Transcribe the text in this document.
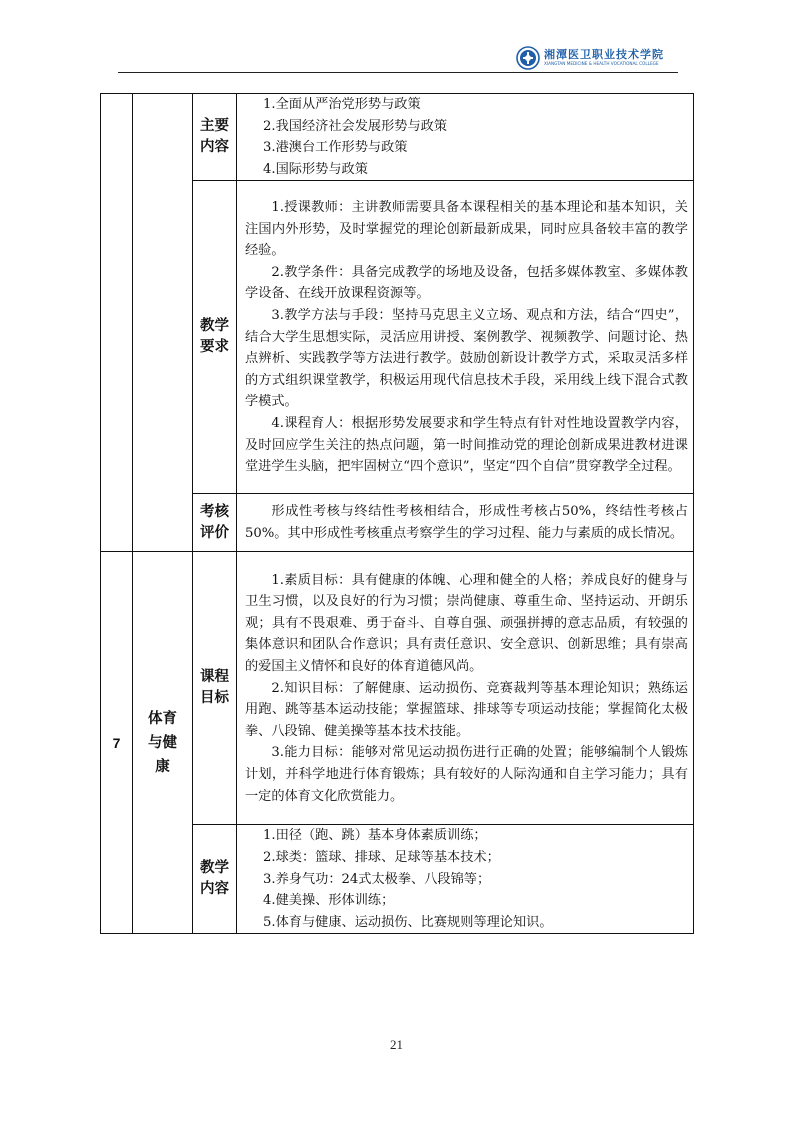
湘潭医卫职业技术学院
XIANGTAN MEDICINE & HEALTH VOCATIONAL COLLEGE
		主要内容	1.全面从严治党形势与政策

2.我国经济社会发展形势与政策

3.港澳台工作形势与政策

4.国际形势与政策

		教学要求	1.授课教师：主讲教师需要具备本课程相关的基本理论和基本知识，关注国内外形势，及时掌握党的理论创新最新成果，同时应具备较丰富的教学经验。

2.教学条件：具备完成教学的场地及设备，包括多媒体教室、多媒体教学设备、在线开放课程资源等。

3.教学方法与手段：坚持马克思主义立场、观点和方法，结合“四史”，结合大学生思想实际，灵活应用讲授、案例教学、视频教学、问题讨论、热点辨析、实践教学等方法进行教学。鼓励创新设计教学方式，采取灵活多样的方式组织课堂教学，积极运用现代信息技术手段，采用线上线下混合式教学模式。

4.课程育人：根据形势发展要求和学生特点有针对性地设置教学内容，及时回应学生关注的热点问题，第一时间推动党的理论创新成果进教材进课堂进学生头脑，把牢固树立“四个意识”，坚定“四个自信”贯穿教学全过程。

		考核评价	形成性考核与终结性考核相结合，形成性考核占50%，终结性考核占50%。其中形成性考核重点考察学生的学习过程、能力与素质的成长情况。

7	体育与健康	课程目标	1.素质目标：具有健康的体魄、心理和健全的人格；养成良好的健身与卫生习惯，以及良好的行为习惯；崇尚健康、尊重生命、坚持运动、开朗乐观；具有不畏艰难、勇于奋斗、自尊自强、顽强拼搏的意志品质，有较强的集体意识和团队合作意识；具有责任意识、安全意识、创新思维；具有崇高的爱国主义情怀和良好的体育道德风尚。

2.知识目标：了解健康、运动损伤、竞赛裁判等基本理论知识；熟练运用跑、跳等基本运动技能；掌握篮球、排球等专项运动技能；掌握简化太极拳、八段锦、健美操等基本技术技能。

3.能力目标：能够对常见运动损伤进行正确的处置；能够编制个人锻炼计划，并科学地进行体育锻炼；具有较好的人际沟通和自主学习能力；具有一定的体育文化欣赏能力。

		教学内容	1.田径（跑、跳）基本身体素质训练；

2.球类：篮球、排球、足球等基本技术；

3.养身气功：24式太极拳、八段锦等；

4.健美操、形体训练；

5.体育与健康、运动损伤、比赛规则等理论知识。

21
